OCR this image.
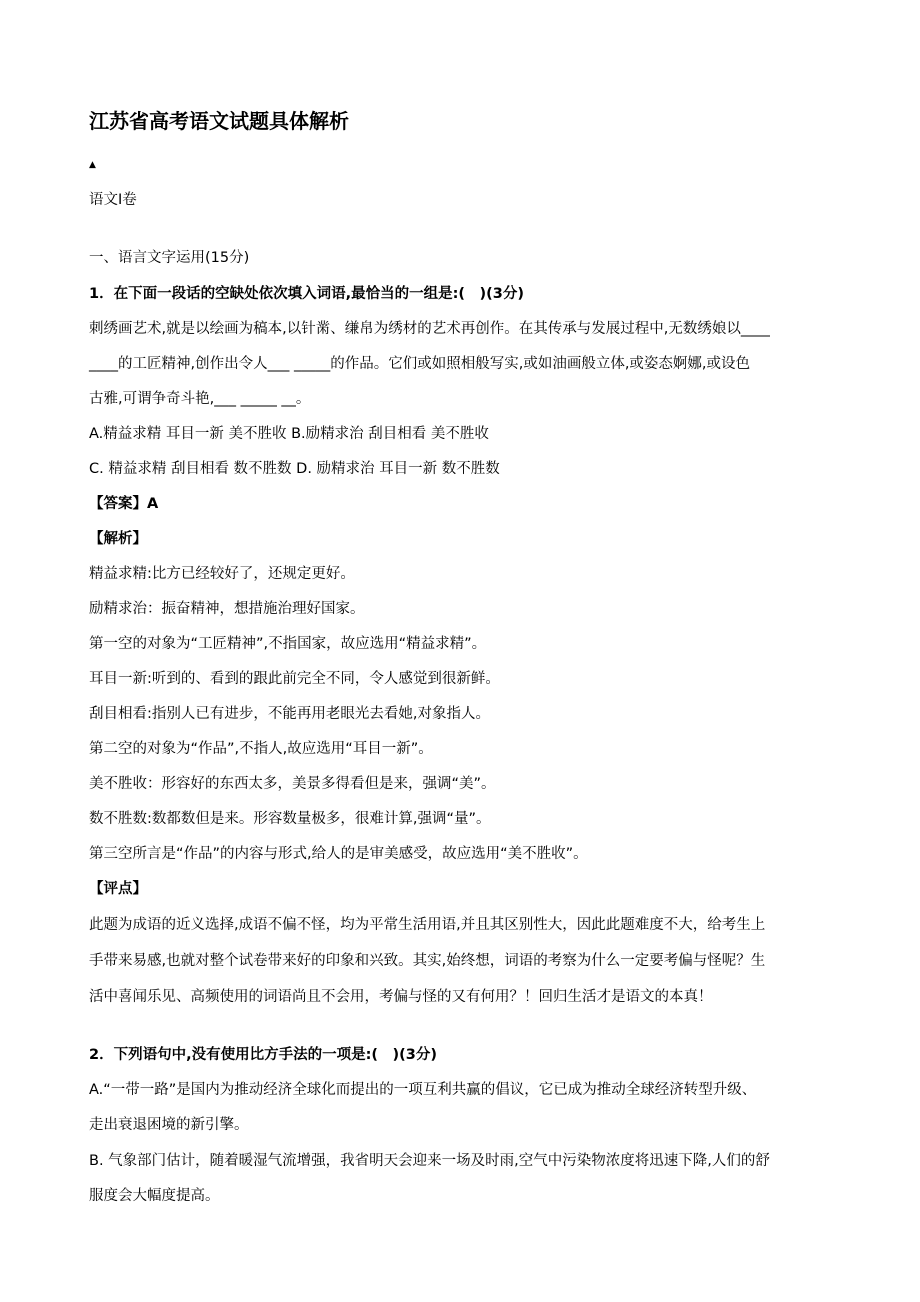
江苏省高考语文试题具体解析
▲
语文Ⅰ卷
一、语言文字运用(15分)
1．在下面一段话的空缺处依次填入词语,最恰当的一组是:(　)(3分)
刺绣画艺术,就是以绘画为稿本,以针黹、缣帛为绣材的艺术再创作。在其传承与发展过程中,无数绣娘以____
____的工匠精神,创作出令人___ _____的作品。它们或如照相般写实,或如油画般立体,或姿态婀娜,或设色
古雅,可谓争奇斗艳,___ _____ __。
A.精益求精 耳目一新 美不胜收 B.励精求治 刮目相看 美不胜收
C. 精益求精 刮目相看 数不胜数 D. 励精求治 耳目一新 数不胜数
【答案】A
【解析】
精益求精:比方已经较好了，还规定更好。
励精求治：振奋精神，想措施治理好国家。
第一空的对象为“工匠精神”,不指国家，故应选用“精益求精”。
耳目一新:听到的、看到的跟此前完全不同，令人感觉到很新鲜。
刮目相看:指别人已有进步，不能再用老眼光去看她,对象指人。
第二空的对象为“作品”,不指人,故应选用“耳目一新”。
美不胜收：形容好的东西太多，美景多得看但是来，强调“美”。
数不胜数:数都数但是来。形容数量极多，很难计算,强调“量”。
第三空所言是“作品”的内容与形式,给人的是审美感受，故应选用“美不胜收”。
【评点】
此题为成语的近义选择,成语不偏不怪，均为平常生活用语,并且其区别性大，因此此题难度不大，给考生上
手带来易感,也就对整个试卷带来好的印象和兴致。其实,始终想，词语的考察为什么一定要考偏与怪呢？生
活中喜闻乐见、高频使用的词语尚且不会用，考偏与怪的又有何用？！回归生活才是语文的本真！
2．下列语句中,没有使用比方手法的一项是:(　)(3分)
A.“一带一路”是国内为推动经济全球化而提出的一项互利共赢的倡议，它已成为推动全球经济转型升级、
走出衰退困境的新引擎。
B. 气象部门估计，随着暖湿气流增强，我省明天会迎来一场及时雨,空气中污染物浓度将迅速下降,人们的舒
服度会大幅度提高。
